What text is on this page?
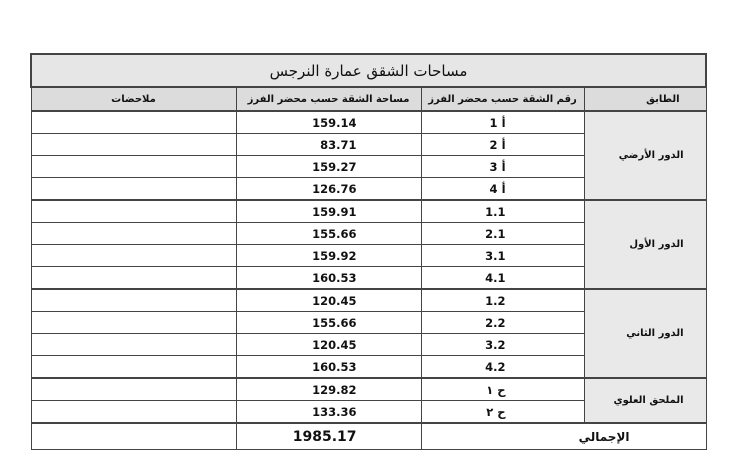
مساحات الشقق عمارة النرجس			
الطابق	رقم الشقة حسب محضر الفرز	مساحة الشقة حسب محضر الفرز	ملاحضات
الدور الأرضي	أ 1	159.14	
	أ 2	83.71	
	أ 3	159.27	
	أ 4	126.76	
الدور الأول	1.1	159.91	
	2.1	155.66	
	3.1	159.92	
	4.1	160.53	
الدور الثاني	1.2	120.45	
	2.2	155.66	
	3.2	120.45	
	4.2	160.53	
الملحق العلوي	ح ١	129.82	
	ح ٢	133.36	
الإجمالي		1985.17	
